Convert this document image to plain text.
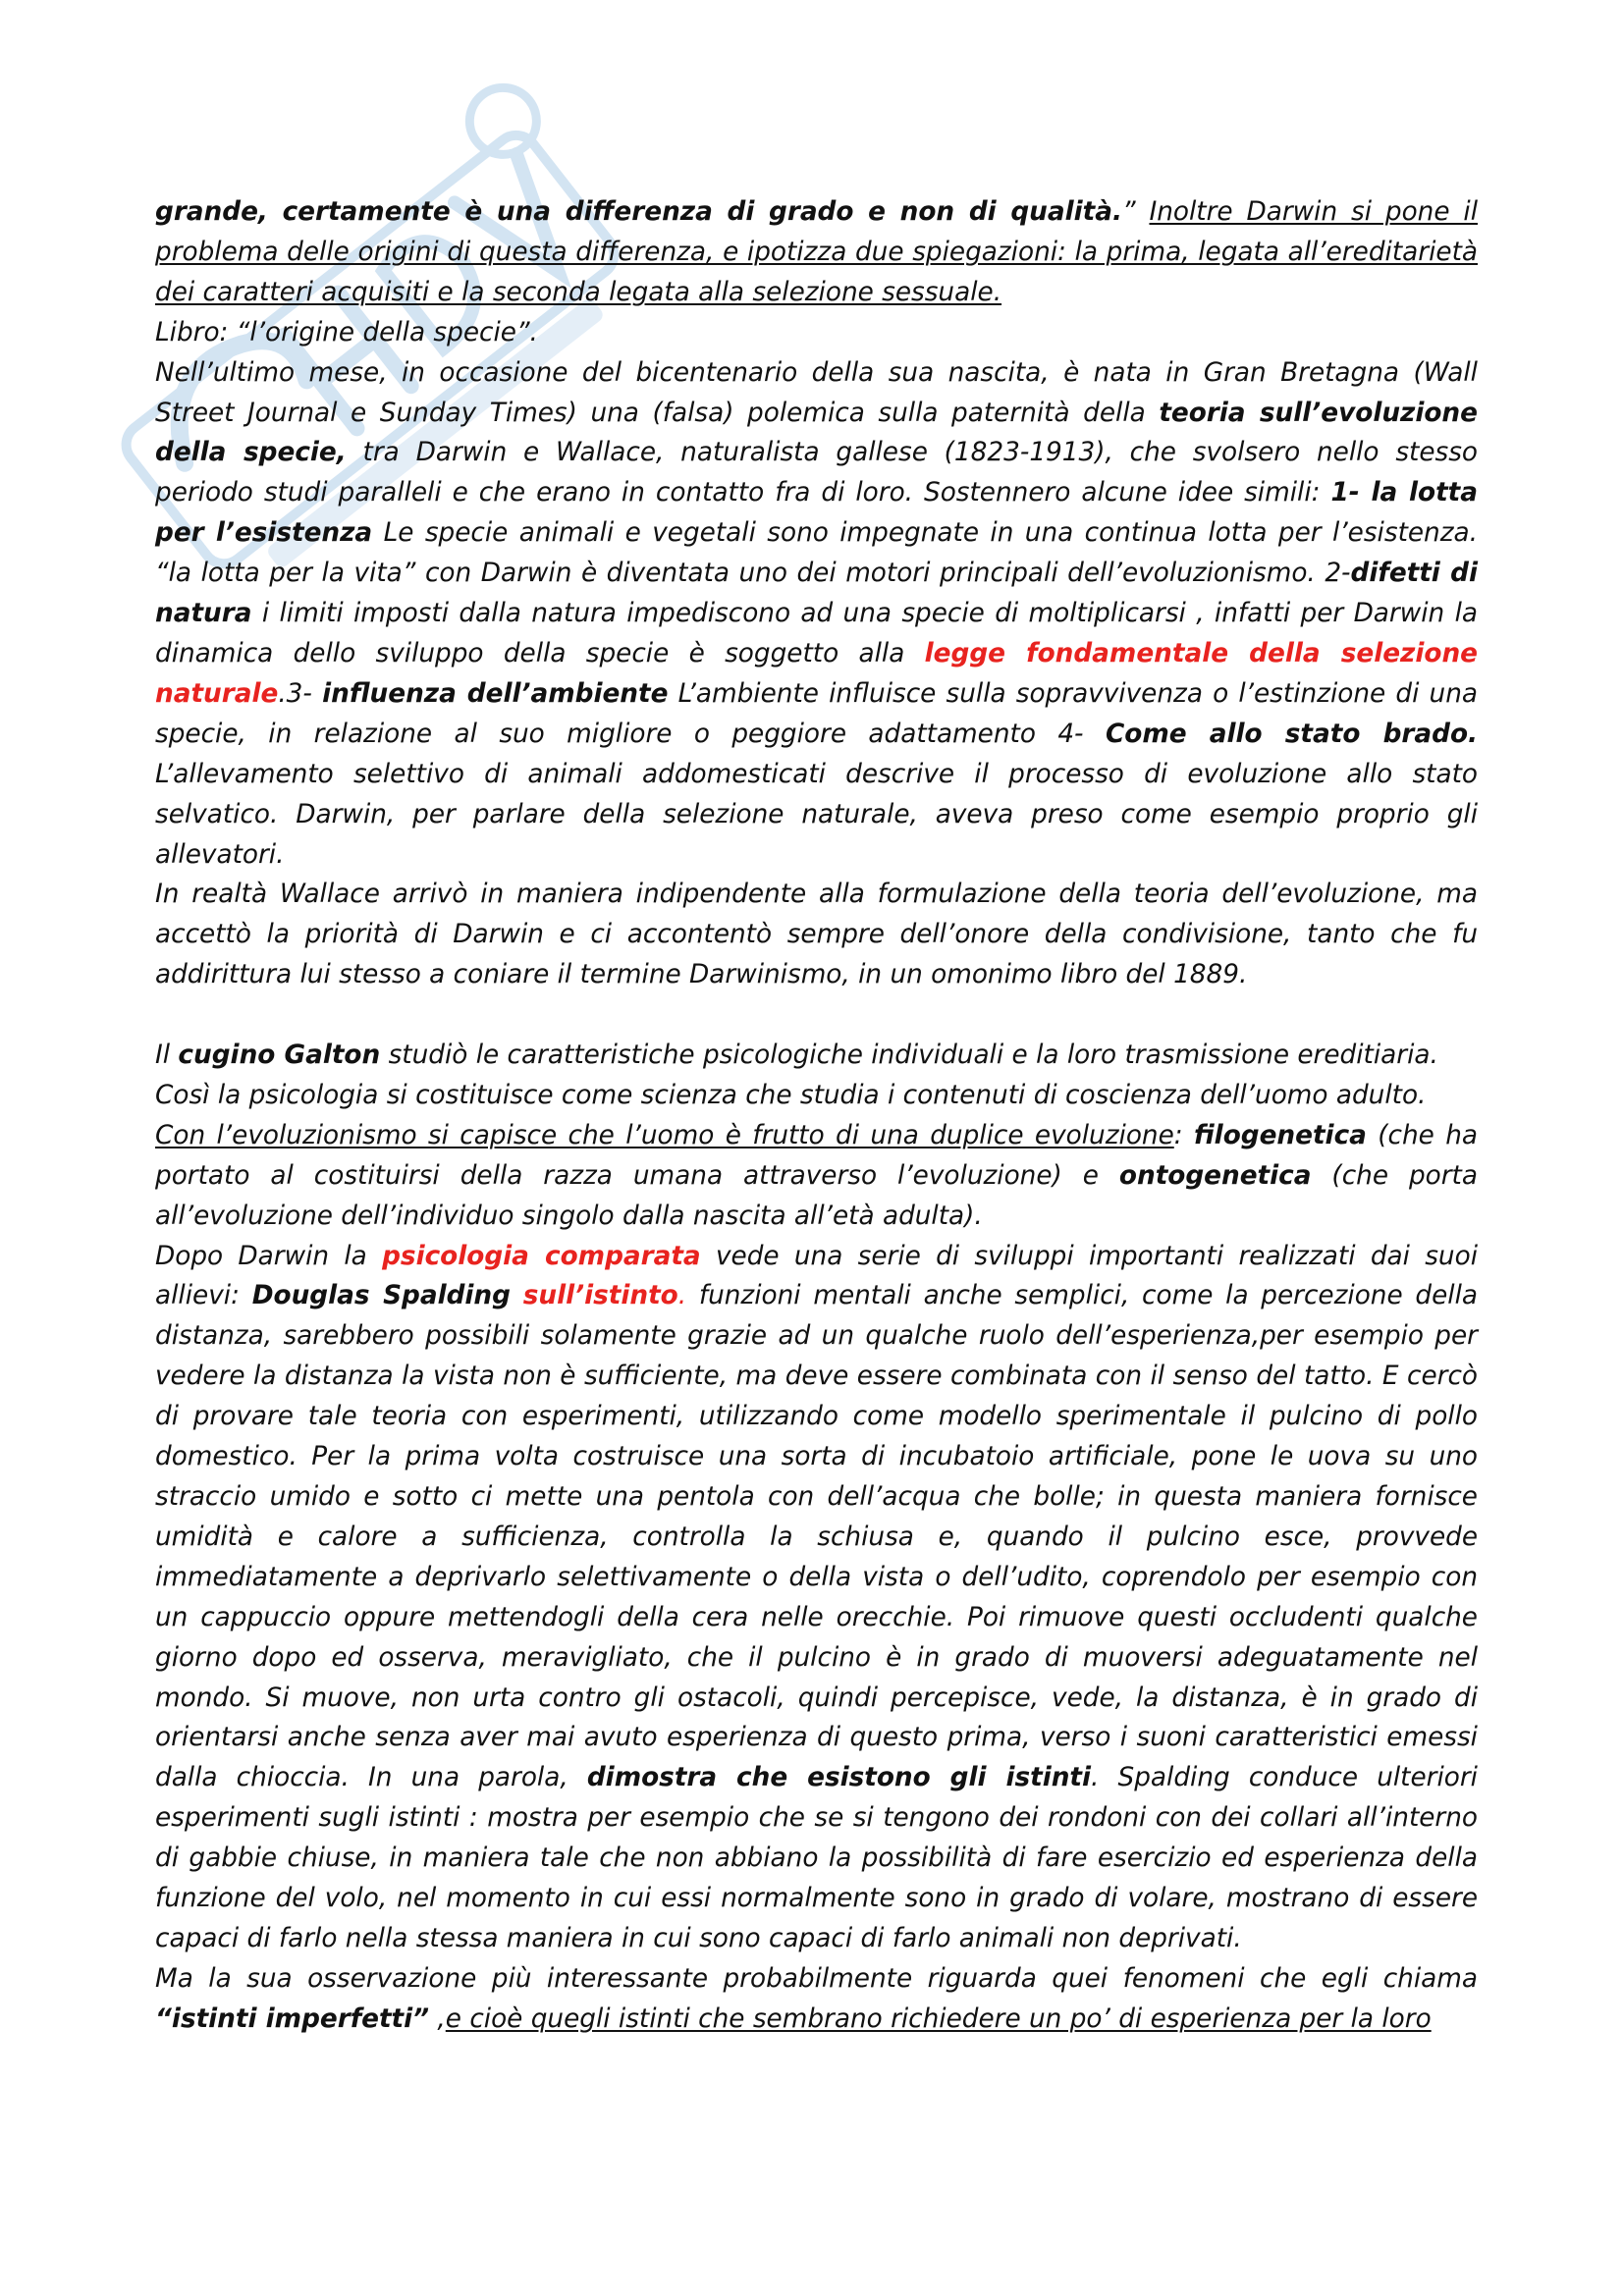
grande, certamente è una differenza di grado e non di qualità.” Inoltre Darwin si pone il problema delle origini di questa differenza, e ipotizza due spiegazioni: la prima, legata all’ereditarietà dei caratteri acquisiti e la seconda legata alla selezione sessuale.

Libro: “l’origine della specie”.

Nell’ultimo mese, in occasione del bicentenario della sua nascita, è nata in Gran Bretagna (Wall Street Journal e Sunday Times) una (falsa) polemica sulla paternità della teoria sull’evoluzione della specie, tra Darwin e Wallace, naturalista gallese (1823-1913), che svolsero nello stesso periodo studi paralleli e che erano in contatto fra di loro. Sostennero alcune idee simili: 1- la lotta per l’esistenza Le specie animali e vegetali sono impegnate in una continua lotta per l’esistenza. “la lotta per la vita” con Darwin è diventata uno dei motori principali dell’evoluzionismo. 2-difetti di natura i limiti imposti dalla natura impediscono ad una specie di moltiplicarsi , infatti per Darwin la dinamica dello sviluppo della specie è soggetto alla legge fondamentale della selezione naturale.3- influenza dell’ambiente L’ambiente influisce sulla sopravvivenza o l’estinzione di una specie, in relazione al suo migliore o peggiore adattamento 4- Come allo stato brado. L’allevamento selettivo di animali addomesticati descrive il processo di evoluzione allo stato selvatico. Darwin, per parlare della selezione naturale, aveva preso come esempio proprio gli allevatori.

In realtà Wallace arrivò in maniera indipendente alla formulazione della teoria dell’evoluzione, ma accettò la priorità di Darwin e ci accontentò sempre dell’onore della condivisione, tanto che fu addirittura lui stesso a coniare il termine Darwinismo, in un omonimo libro del 1889.

Il cugino Galton studiò le caratteristiche psicologiche individuali e la loro trasmissione ereditiaria.

Così la psicologia si costituisce come scienza che studia i contenuti di coscienza dell’uomo adulto.

Con l’evoluzionismo si capisce che l’uomo è frutto di una duplice evoluzione: filogenetica (che ha portato al costituirsi della razza umana attraverso l’evoluzione) e ontogenetica (che porta all’evoluzione dell’individuo singolo dalla nascita all’età adulta).

Dopo Darwin la psicologia comparata vede una serie di sviluppi importanti realizzati dai suoi allievi: Douglas Spalding sull’istinto. funzioni mentali anche semplici, come la percezione della distanza, sarebbero possibili solamente grazie ad un qualche ruolo dell’esperienza,per esempio per vedere la distanza la vista non è sufficiente, ma deve essere combinata con il senso del tatto. E cercò di provare tale teoria con esperimenti, utilizzando come modello sperimentale il pulcino di pollo domestico. Per la prima volta costruisce una sorta di incubatoio artificiale, pone le uova su uno straccio umido e sotto ci mette una pentola con dell’acqua che bolle; in questa maniera fornisce umidità e calore a sufficienza, controlla la schiusa e, quando il pulcino esce, provvede immediatamente a deprivarlo selettivamente o della vista o dell’udito, coprendolo per esempio con un cappuccio oppure mettendogli della cera nelle orecchie. Poi rimuove questi occludenti qualche giorno dopo ed osserva, meravigliato, che il pulcino è in grado di muoversi adeguatamente nel mondo. Si muove, non urta contro gli ostacoli, quindi percepisce, vede, la distanza, è in grado di orientarsi anche senza aver mai avuto esperienza di questo prima, verso i suoni caratteristici emessi dalla chioccia. In una parola, dimostra che esistono gli istinti. Spalding conduce ulteriori esperimenti sugli istinti : mostra per esempio che se si tengono dei rondoni con dei collari all’interno di gabbie chiuse, in maniera tale che non abbiano la possibilità di fare esercizio ed esperienza della funzione del volo, nel momento in cui essi normalmente sono in grado di volare, mostrano di essere capaci di farlo nella stessa maniera in cui sono capaci di farlo animali non deprivati.

Ma la sua osservazione più interessante probabilmente riguarda quei fenomeni che egli chiama “istinti imperfetti” ,e cioè quegli istinti che sembrano richiedere un po’ di esperienza per la loro
